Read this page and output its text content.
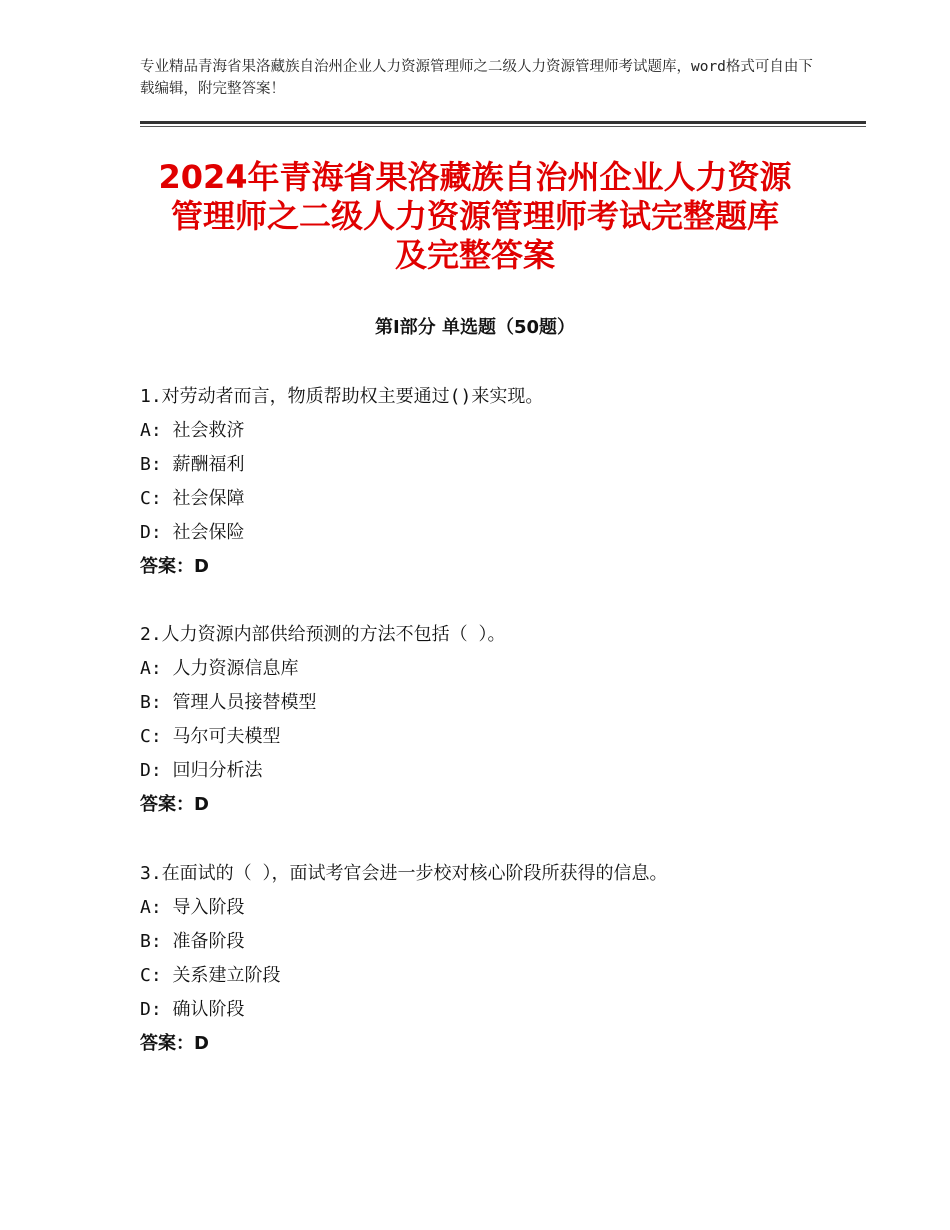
专业精品青海省果洛藏族自治州企业人力资源管理师之二级人力资源管理师考试题库，word格式可自由下载编辑，附完整答案！
2024年青海省果洛藏族自治州企业人力资源
管理师之二级人力资源管理师考试完整题库
及完整答案
第Ⅰ部分 单选题（50题）
1.对劳动者而言，物质帮助权主要通过()来实现。
A: 社会救济
B: 薪酬福利
C: 社会保障
D: 社会保险
答案：D
2.人力资源内部供给预测的方法不包括（ ）。
A: 人力资源信息库
B: 管理人员接替模型
C: 马尔可夫模型
D: 回归分析法
答案：D
3.在面试的（ ），面试考官会进一步校对核心阶段所获得的信息。
A: 导入阶段
B: 准备阶段
C: 关系建立阶段
D: 确认阶段
答案：D
